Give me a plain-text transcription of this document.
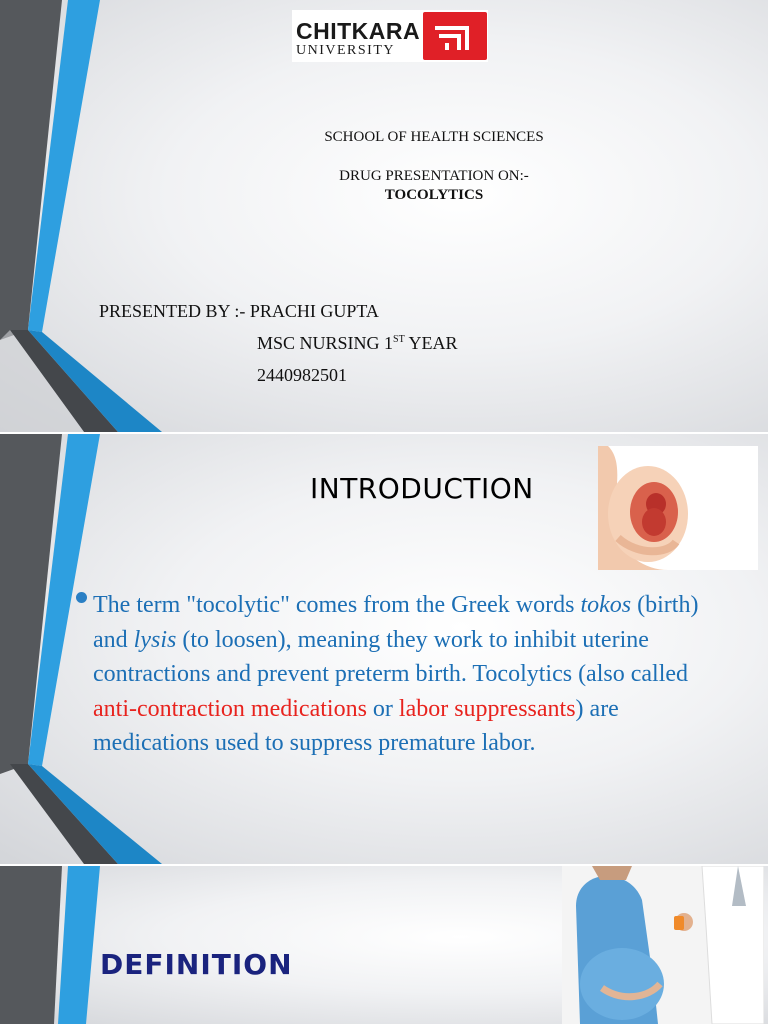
CHITKARA
UNIVERSITY
SCHOOL OF HEALTH SCIENCES
DRUG PRESENTATION ON:-
TOCOLYTICS
PRESENTED BY :- PRACHI GUPTA
MSC NURSING 1ST YEAR
2440982501
INTRODUCTION
The term "tocolytic" comes from the Greek words tokos (birth) and lysis (to loosen), meaning they work to inhibit uterine contractions and prevent preterm birth. Tocolytics (also called anti-contraction medications or labor suppressants) are medications used to suppress premature labor.
DEFINITION
